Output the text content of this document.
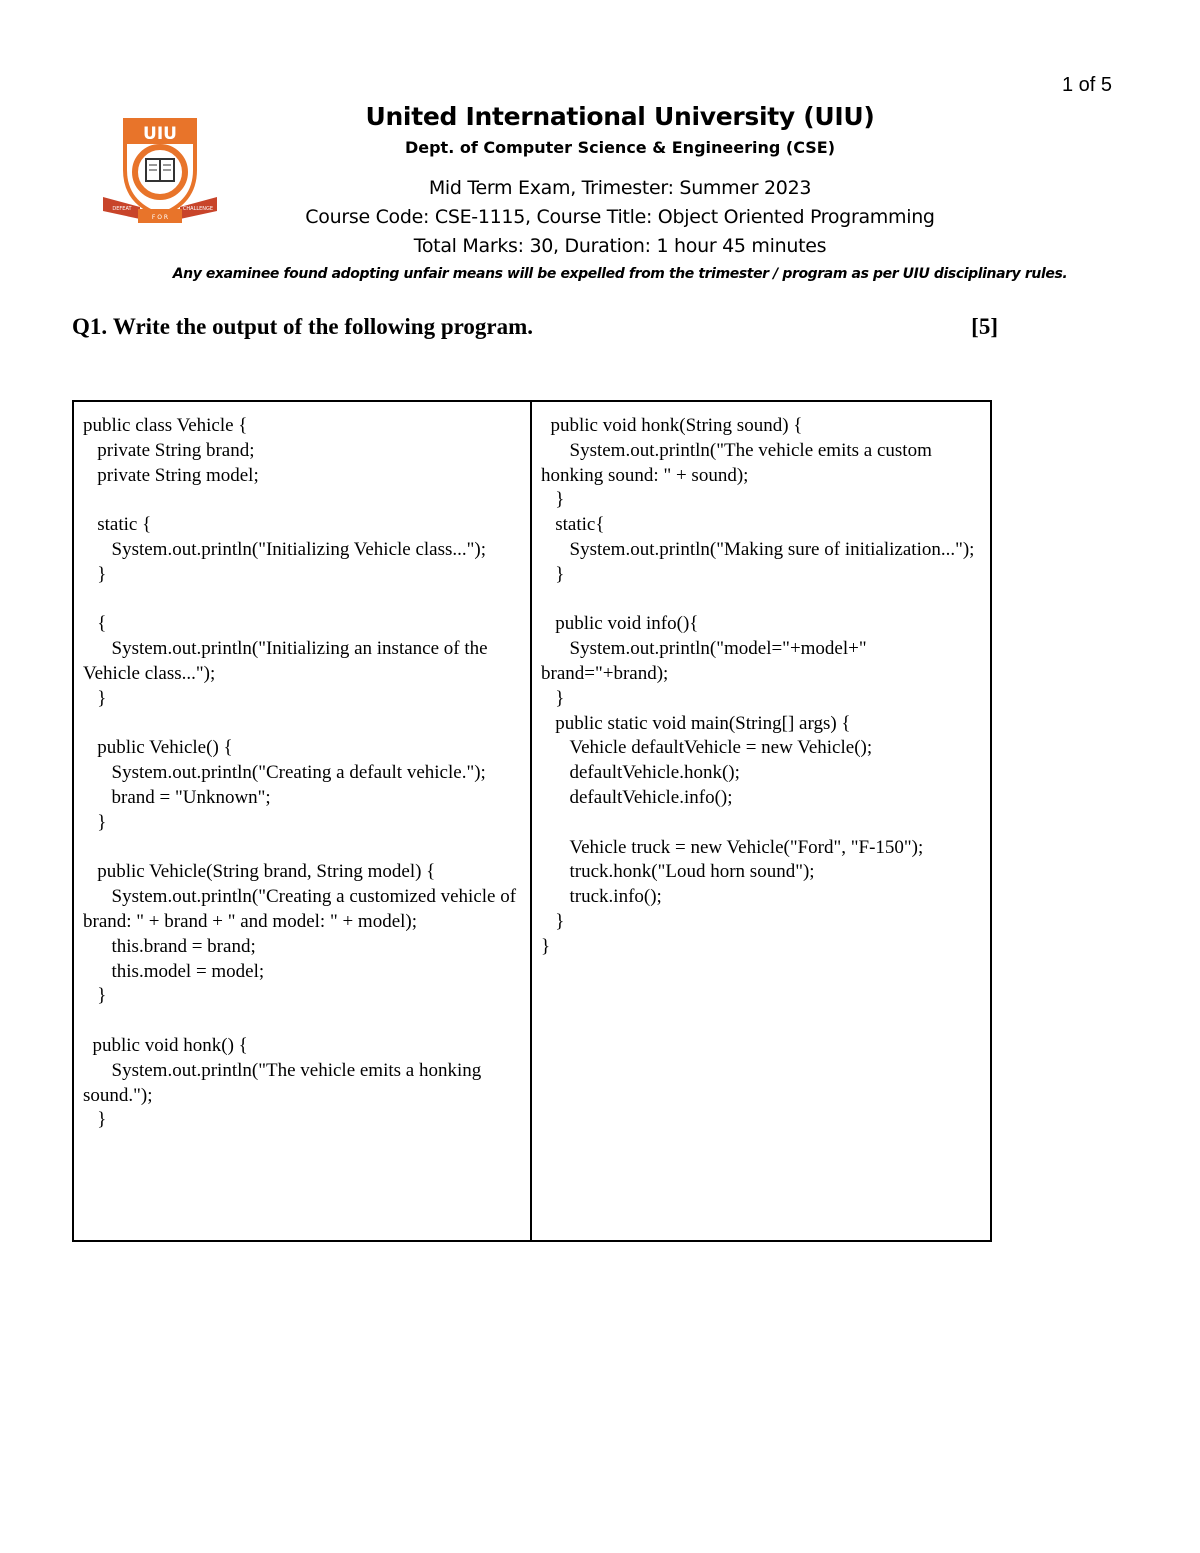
1 of 5
UIU
DEFEAT	CHALLENGE
F O R
United International University (UIU)
Dept. of Computer Science & Engineering (CSE)
Mid Term Exam, Trimester: Summer 2023
Course Code: CSE-1115, Course Title: Object Oriented Programming
Total Marks: 30, Duration: 1 hour 45 minutes
Any examinee found adopting unfair means will be expelled from the trimester / program as per UIU disciplinary rules.
Q1. Write the output of the following program.	[5]
public class Vehicle {
private String brand;
private String model;
static {
System.out.println("Initializing Vehicle class...");
}
{
System.out.println("Initializing an instance of the Vehicle class...");
}
public Vehicle() {
System.out.println("Creating a default vehicle.");
brand = "Unknown";
}
public Vehicle(String brand, String model) {
System.out.println("Creating a customized vehicle of brand: " + brand + " and model: " + model);
this.brand = brand;
this.model = model;
}
public void honk() {
System.out.println("The vehicle emits a honking sound.");
}
public void honk(String sound) {
System.out.println("The vehicle emits a custom honking sound: " + sound);
}
static{
System.out.println("Making sure of initialization...");
}
public void info(){
System.out.println("model="+model+" brand="+brand);
}
public static void main(String[] args) {
Vehicle defaultVehicle = new Vehicle();
defaultVehicle.honk();
defaultVehicle.info();
Vehicle truck = new Vehicle("Ford", "F-150");
truck.honk("Loud horn sound");
truck.info();
}
}
